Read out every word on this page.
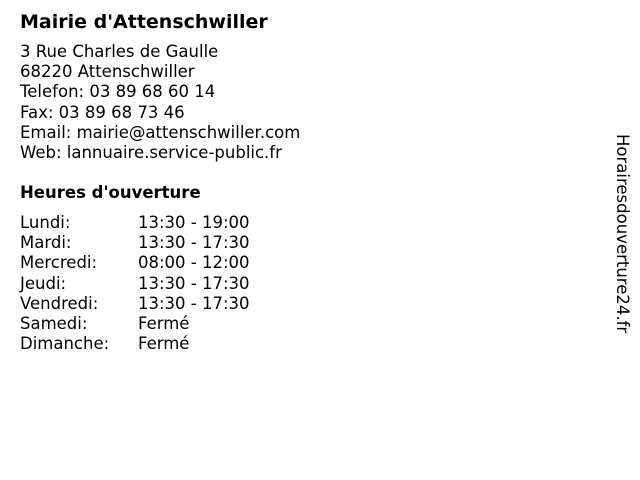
Mairie d'Attenschwiller
3 Rue Charles de Gaulle
68220 Attenschwiller
Telefon: 03 89 68 60 14
Fax: 03 89 68 73 46
Email: mairie@attenschwiller.com
Web: lannuaire.service-public.fr
Heures d'ouverture
Lundi:	13:30 - 19:00
Mardi:	13:30 - 17:30
Mercredi:	08:00 - 12:00
Jeudi:	13:30 - 17:30
Vendredi:	13:30 - 17:30
Samedi:	Fermé
Dimanche:	Fermé
Horairesdouverture24.fr
